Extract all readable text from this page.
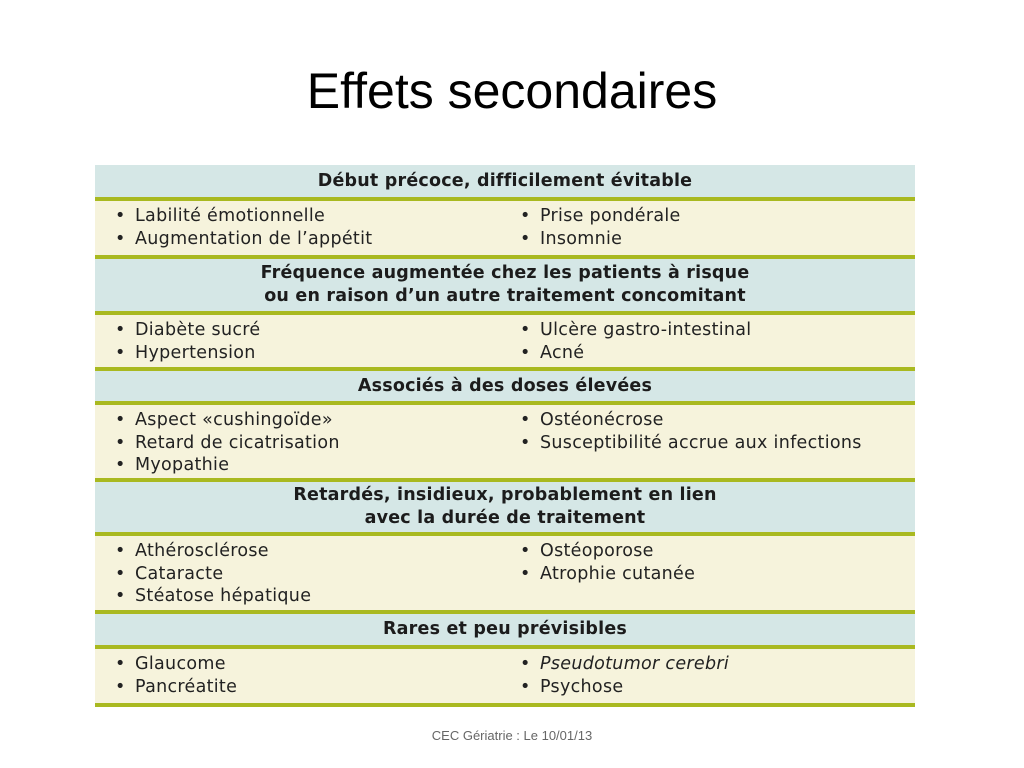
Effets secondaires
Début précoce, difficilement évitable
• Labilité émotionnelle
• Augmentation de l’appétit
• Prise pondérale
• Insomnie
Fréquence augmentée chez les patients à risque
ou en raison d’un autre traitement concomitant
• Diabète sucré
• Hypertension
• Ulcère gastro-intestinal
• Acné
Associés à des doses élevées
• Aspect «cushingoïde»
• Retard de cicatrisation
• Myopathie
• Ostéonécrose
• Susceptibilité accrue aux infections
Retardés, insidieux, probablement en lien
avec la durée de traitement
• Athérosclérose
• Cataracte
• Stéatose hépatique
• Ostéoporose
• Atrophie cutanée
Rares et peu prévisibles
• Glaucome
• Pancréatite
• Pseudotumor cerebri
• Psychose
CEC Gériatrie : Le 10/01/13
